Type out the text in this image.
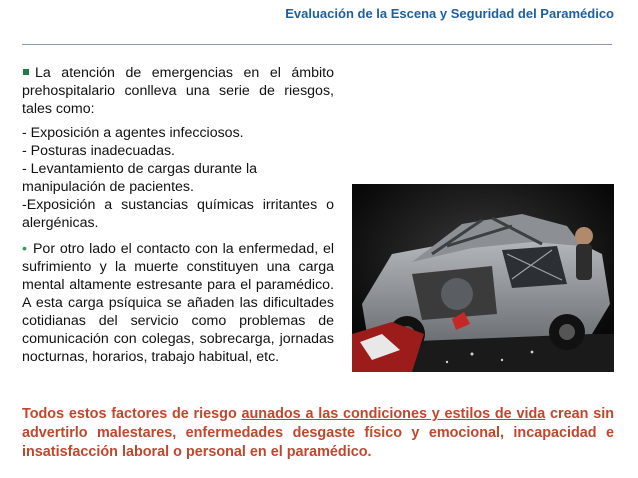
Evaluación de la Escena y Seguridad del Paramédico

La atención de emergencias en el ámbito prehospitalario conlleva una serie de riesgos, tales como:

- Exposición a agentes infecciosos.
- Posturas inadecuadas.
- Levantamiento de cargas durante la manipulación de pacientes.
-Exposición a sustancias químicas irritantes o alergénicas.

• Por otro lado el contacto con la enfermedad, el sufrimiento y la muerte constituyen una carga mental altamente estresante para el paramédico. A esta carga psíquica se añaden las dificultades cotidianas del servicio como problemas de comunicación con colegas, sobrecarga, jornadas nocturnas, horarios, trabajo habitual, etc.

Todos estos factores de riesgo aunados a las condiciones y estilos de vida crean sin advertirlo malestares, enfermedades desgaste físico y emocional, incapacidad e insatisfacción laboral o personal en el paramédico.
